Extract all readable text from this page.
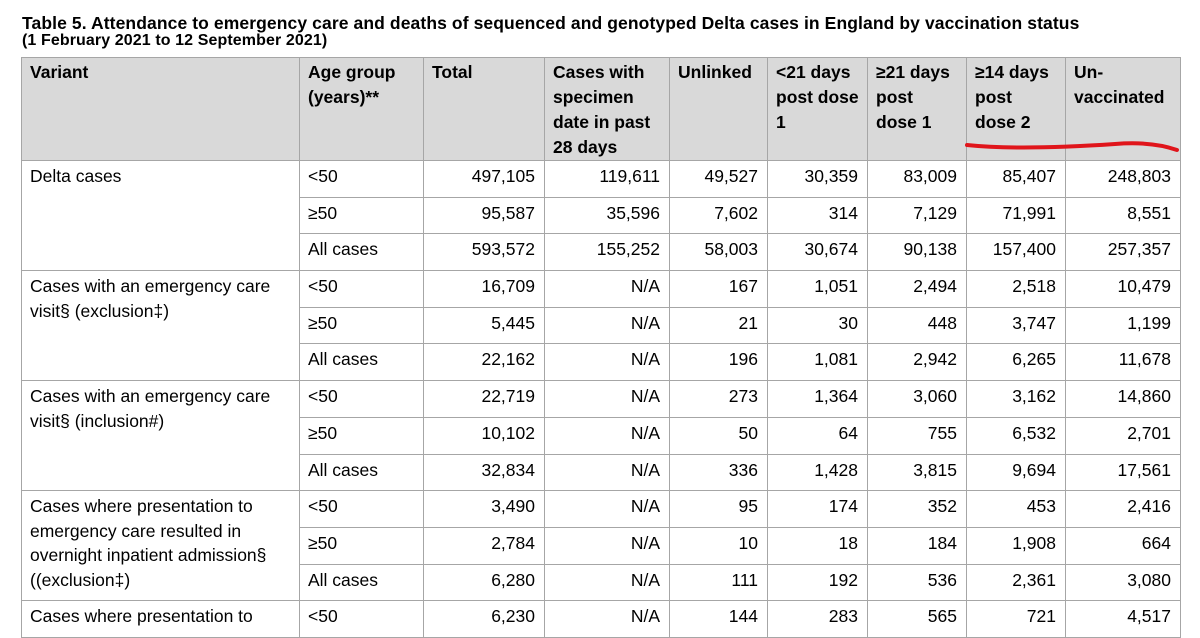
Table 5. Attendance to emergency care and deaths of sequenced and genotyped Delta cases in England by vaccination status
(1 February 2021 to 12 September 2021)
Variant	Age group (years)**	Total	Cases with specimen date in past 28 days	Unlinked	<21 days post dose 1	≥21 days post dose 1	≥14 days post dose 2	Un-vaccinated
Delta cases	<50	497,105	119,611	49,527	30,359	83,009	85,407	248,803
	≥50	95,587	35,596	7,602	314	7,129	71,991	8,551
	All cases	593,572	155,252	58,003	30,674	90,138	157,400	257,357
Cases with an emergency care visit§ (exclusion‡)	<50	16,709	N/A	167	1,051	2,494	2,518	10,479
	≥50	5,445	N/A	21	30	448	3,747	1,199
	All cases	22,162	N/A	196	1,081	2,942	6,265	11,678
Cases with an emergency care visit§ (inclusion#)	<50	22,719	N/A	273	1,364	3,060	3,162	14,860
	≥50	10,102	N/A	50	64	755	6,532	2,701
	All cases	32,834	N/A	336	1,428	3,815	9,694	17,561
Cases where presentation to emergency care resulted in overnight inpatient admission§ ((exclusion‡)	<50	3,490	N/A	95	174	352	453	2,416
	≥50	2,784	N/A	10	18	184	1,908	664
	All cases	6,280	N/A	111	192	536	2,361	3,080
Cases where presentation to	<50	6,230	N/A	144	283	565	721	4,517
